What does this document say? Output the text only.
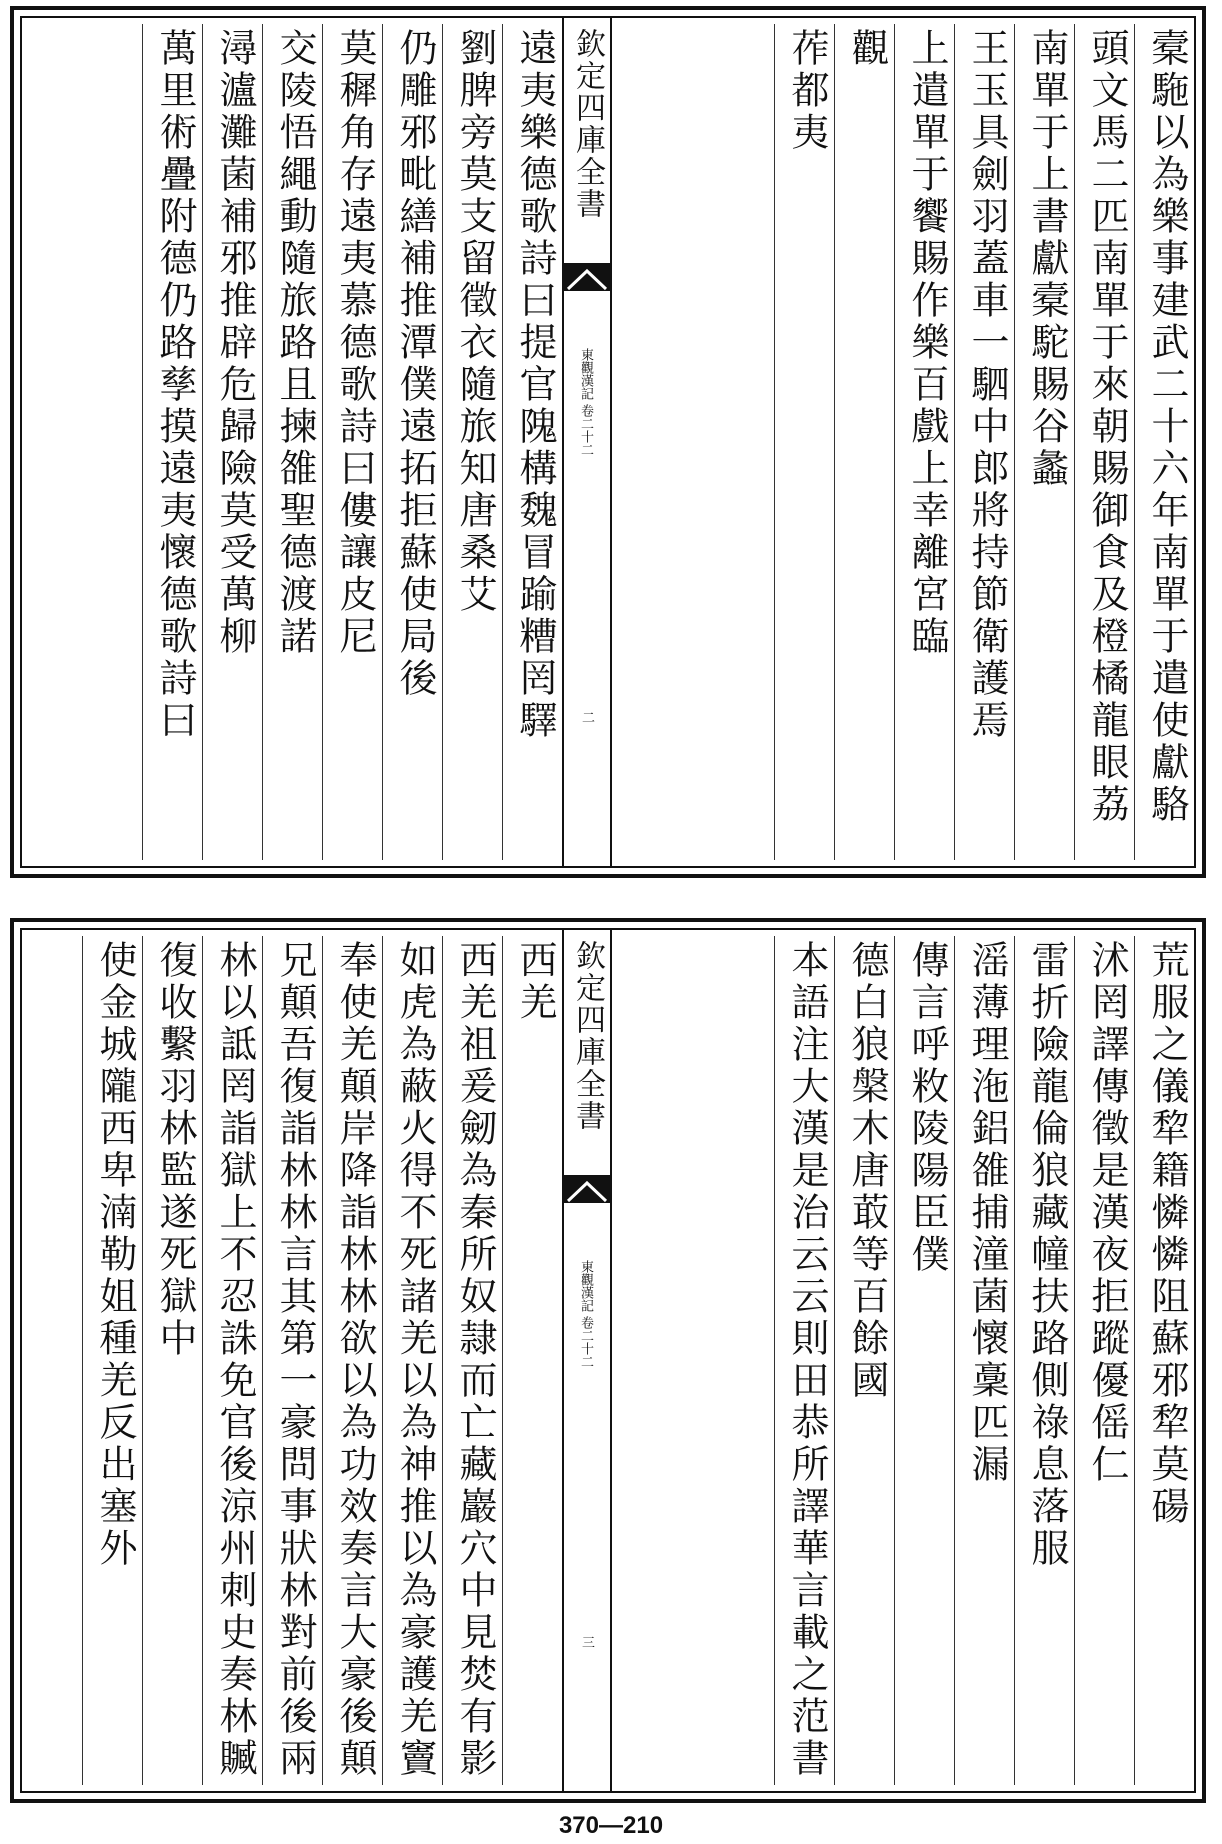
槖駞以為樂事建武二十六年南單于遣使獻駱
頭文馬二匹南單于來朝賜御食及橙橘龍眼荔
南單于上書獻槖駝賜谷蠡
王玉具劍羽蓋車一駟中郎將持節衛護焉
上遣單于饗賜作樂百戲上幸離宮臨
觀
莋都夷
欽定四庫全書
東觀漢記 卷二十二
二
遠夷樂德歌詩曰提官隗構魏冒踰糟罔驛
劉脾旁莫支留徵衣隨旅知唐桑艾
仍雕邪毗繕補推潭僕遠拓拒蘇使局後
莫穉角存遠夷慕德歌詩曰僂讓皮尼
交陵悟繩動隨旅路且揀雒聖德渡諾
潯瀘灘菌補邪推辟危歸險莫受萬柳
萬里術疊附德仍路孳摸遠夷懷德歌詩曰
荒服之儀犂籍憐憐阻蘇邪犂莫碭
沭罔譯傳徵是漢夜拒蹤優傜仁
雷折險龍倫狼藏幢扶路側祿息落服
滛薄理沲鋁雒捕潼菌懷稾匹漏
傳言呼敉陵陽臣僕
德白狼槃木唐菆等百餘國
本語注大漢是治云云則田恭所譯華言載之范書
欽定四庫全書
東觀漢記 卷二十二
三
西羌
西羌祖爰劒為秦所奴隷而亡藏巖穴中見焚有影
如虎為蔽火得不死諸羌以為神推以為豪護羌竇
奉使羌顛岸降詣林林欲以為功效奏言大豪後顛
兄顛吾復詣林林言其第一豪問事狀林對前後兩
林以詆罔詣獄上不忍誅免官後涼州刺史奏林贓
復收繫羽林監遂死獄中
使金城隴西卑湳勒姐種羌反出塞外
370—210
